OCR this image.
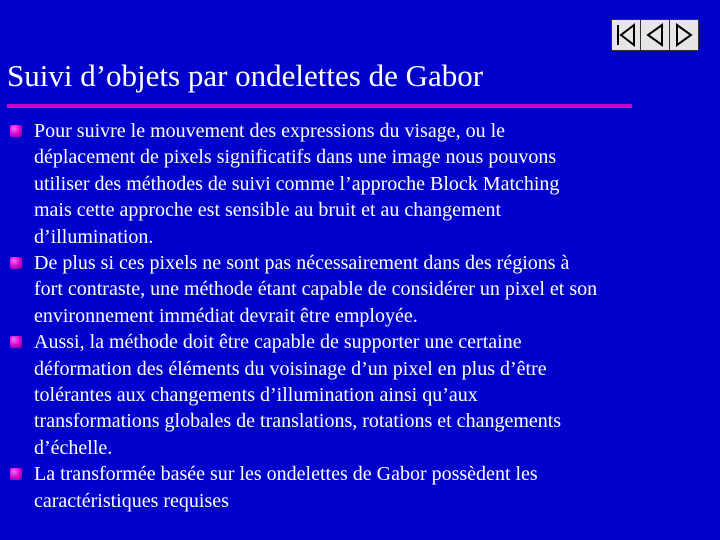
Suivi d’objets par ondelettes de Gabor
Pour suivre le mouvement des expressions du visage, ou le
déplacement de pixels significatifs dans une image nous pouvons
utiliser des méthodes de suivi comme l’approche Block Matching
mais cette approche est sensible au bruit et au changement
d’illumination.
De plus si ces pixels ne sont pas nécessairement dans des régions à
fort contraste, une méthode étant capable de considérer un pixel et son
environnement immédiat devrait être employée.
Aussi, la méthode doit être capable de supporter une certaine
déformation des éléments du voisinage d’un pixel en plus d’être
tolérantes aux changements d’illumination ainsi qu’aux
transformations globales de translations, rotations et changements
d’échelle.
La transformée basée sur les ondelettes de Gabor possèdent les
caractéristiques requises
